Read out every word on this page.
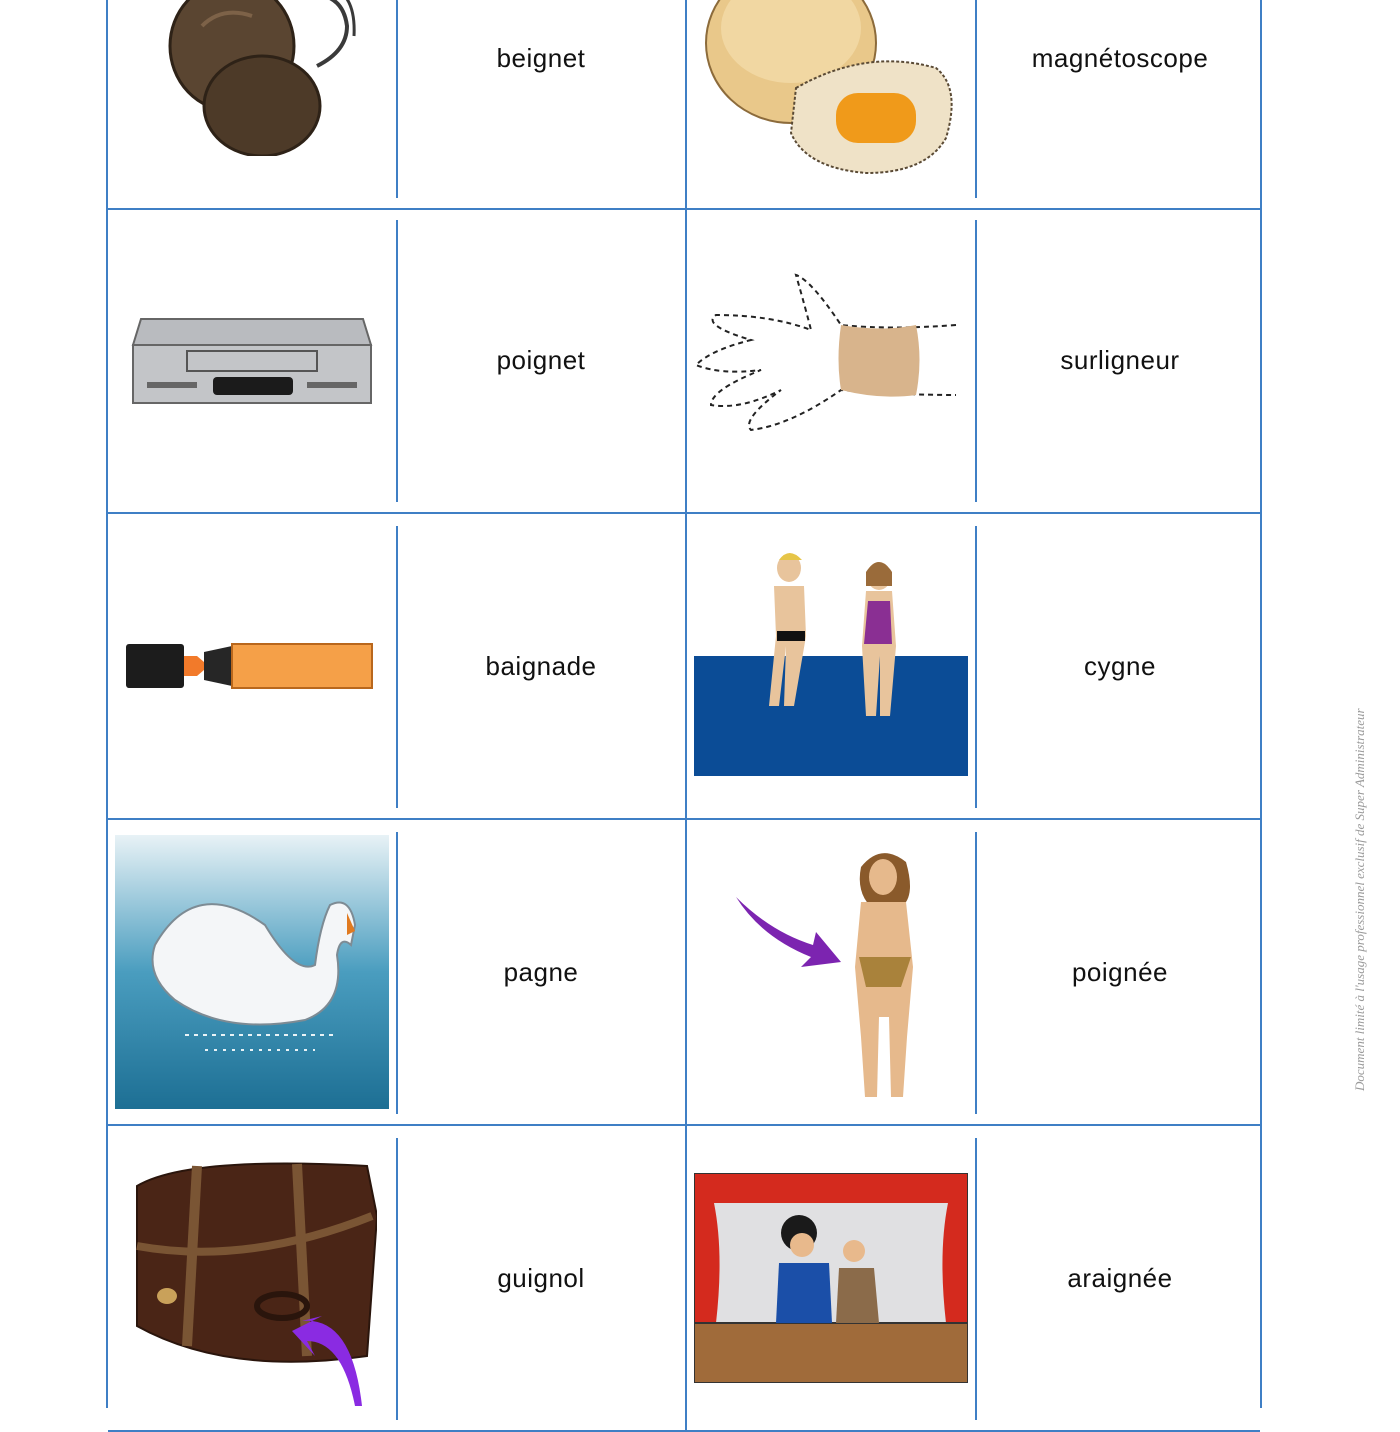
beignet	magnétoscope
poignet	surligneur
baignade	cygne
pagne	poignée
guignol	araignée
Document limité à l'usage professionnel exclusif de Super Administrateur
